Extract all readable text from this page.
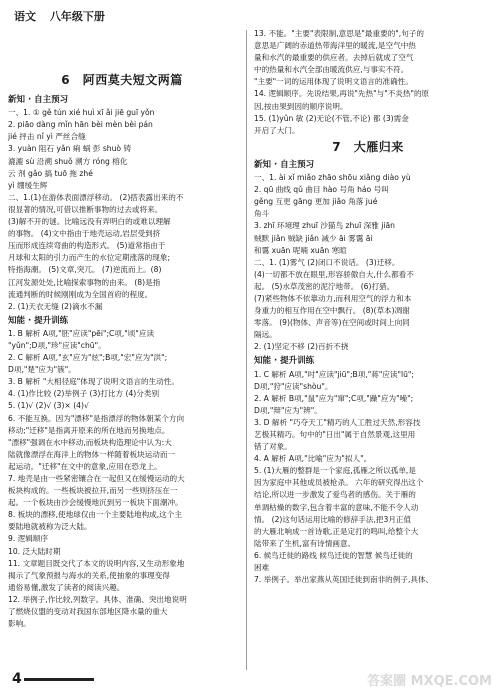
语文 八年级下册
6 阿西莫夫短文两篇
新知 · 自主预习
一、1. ① gě tún xié huì xī ǎi jiē guī yǒn
2. piāo dàng mǐn hān bèi mèn bèi pán
jié 抨击 nǐ yì 严丝合缝
3. yuàn 阻石 yǎn 痢 蜗 彭 shuò 铸
漉漉 sù 沿溯 shuǒ 溯方 róng 榕化
云 剂 gǎo 搞 tuō 拖 zhé
yì 绷缓生辉
二、1.(1)在游体表面漂浮移动。 (2)搭表露出来的不
很显著的情况,可借以推断事物的过去或将来。
(3)解不开的谜。比喻远没有弄明白的或难以理解
的事物。 (4)文中指由于地壳运动,岩层受到挤
压而形成连续弯曲的构造形式。 (5)道常指由于
月球和太阳的引力而产生的水位定期涨落的现象;
特指海潮。 (5)文章,突兀。 (7)逆流而上。(8)
江河发源处处,比喻探索事物的由来。 (8)是指
流通判断的时候刚刚成为全国首府的程度。
2. (1)天衣无缝 (2)滴水不漏
知能 · 提升训练
1. B 解析 A项,"胚"应读"pēi";C项,"顷"应读
"yǔn";D项,"珍"应读"chū"。
2. C 解析 A项,"玄"应为"炫";B项,"宏"应为"洪";
D项,"楚"应为"簇"。
3. B 解析 "大相径庭"体现了说明文语言的生动性。
4. (1)作比较 (2)举例子 (3)打比方 (4)分类别
5. (1)√ (2)√ (3)× (4)√
6. 不能互换。因为"漂移"是指漂浮的物体朝某个方向
移动;"迁移"是指离开原来的所在地而另换地点。
"漂移"强调在水中移动,而板块构造理论中认为:大
陆就像漂浮在海洋上的物体一样随着板块运动而一
起运动。"迁移"在文中的意象,应用在恐龙上。
7. 地壳是由一些紧密镶合在一起但又在缓慢运动的大
板块构成的。一些板块被拉开,而另一些则挤压在一
起。一个板块由沙会缓慢地沉到另一板块下面潮冲。
8. 板块的漂移,使地球仅由一个主要陆地构成,这个主
要陆地就被称为泛大陆。
9. 逻辑顺序
10. 泛大陆时期
11. 文章题目既交代了本文的说明内容,又生动形象地
揭示了气象预报与海水的关系,使抽象的事理变得
通俗易懂,激发了读者的阅读兴趣。
12. 举例子,作比较,列数字。具体、准确、突出地说明
了燃烧仪盟的变动对我国东部地区降水量的重大
影响。
13. 不能。"主要"表限制,意思是"最重要的",句子的
意思是广阔的赤道热带海洋里的暖流,是空气中热
量和水汽的最重要的供应者。去掉后就成了空气
中的热量和水汽全部由暖流供应,与事实不符。
"主要"一词的运用体现了说明文语言的准确性。
14. 逻辑顺序。先说结果,再说"先热"与"不炎热"的原
因,按由果到因的顺序说明。
15. (1)yǔn 敏 (2)无论(不管,不论) 都 (3)需金
开启了大门。
7 大雁归来
新知 · 自主预习
一、1. ài xǐ miǎo zhāo shōu xiǎng diào yù
2. qū 曲线 qǔ 曲目 hào 号角 háo 号叫
gěng 互更 gāng 更加 jiǎo 角落 jué
角斗
3. zhī 环境理 zhuī 沙猫鸟 zhuī 深雅 jiān
贼默 jiǎn 贼缺 jiǎn 减少 āi 雾霭 āi
和霭 xuān 呢喃 xuān 寒暄
二、1. (1)雾气 (2)闭口不说话。 (3)迁移。
(4)一切都不放在眼里,形容骄傲自大,什么都看不
起。 (5)水草茂密的泥泞地带。 (6)打猎。
(7)紧些物体不依靠动力,而利用空气的浮力和本
身重力的相互作用在空中飘行。 (8)(草本)凋谢
零落。 (9)(物体、声音等)在空间或时间上向同
隔远。
2. (1)坚定不移 (2)百折不挠
知能 · 提升训练
1. C 解析 A项,"吋"应读"jiū";B项,"蒋"应读"lū";
D项,"狩"应读"shòu"。
2. A 解析 B项,"鼠"应为"窜";C项,"躁"应为"噪";
D项,"辩"应为"辨"。
3. D 解析 "巧夺天工"精巧的人工胜过天然,形容技
艺极其精巧。句中的"日出"属于自然景观,这里用
错了对象。
4. A 解析 A项,"比喻"应为"拟人"。
5. (1)大雁的整群是一个家庭,孤雁之所以孤单,是
因为家庭中其他成员被枪杀。 六年的研究得出这个
结论,所以进一步激发了爱鸟者的感伤。关于雁的
单调枯燥的数字,包含着丰富的意味,不能不令人动
情。 (2)这句话运用比喻的修辞手法,把3月正值
的大雁北响成一首诗歌,正是定打的鸣叫,给整个大
陆带来了生机,富有诗情画意。
6. 候鸟迁徙的路线 候鸟迁徙的智慧 候鸟迁徙的
困难
7. 举例子。举出家燕从英国迁徙到南非的例子,具体、
4	答案圈 MXQE.COM
